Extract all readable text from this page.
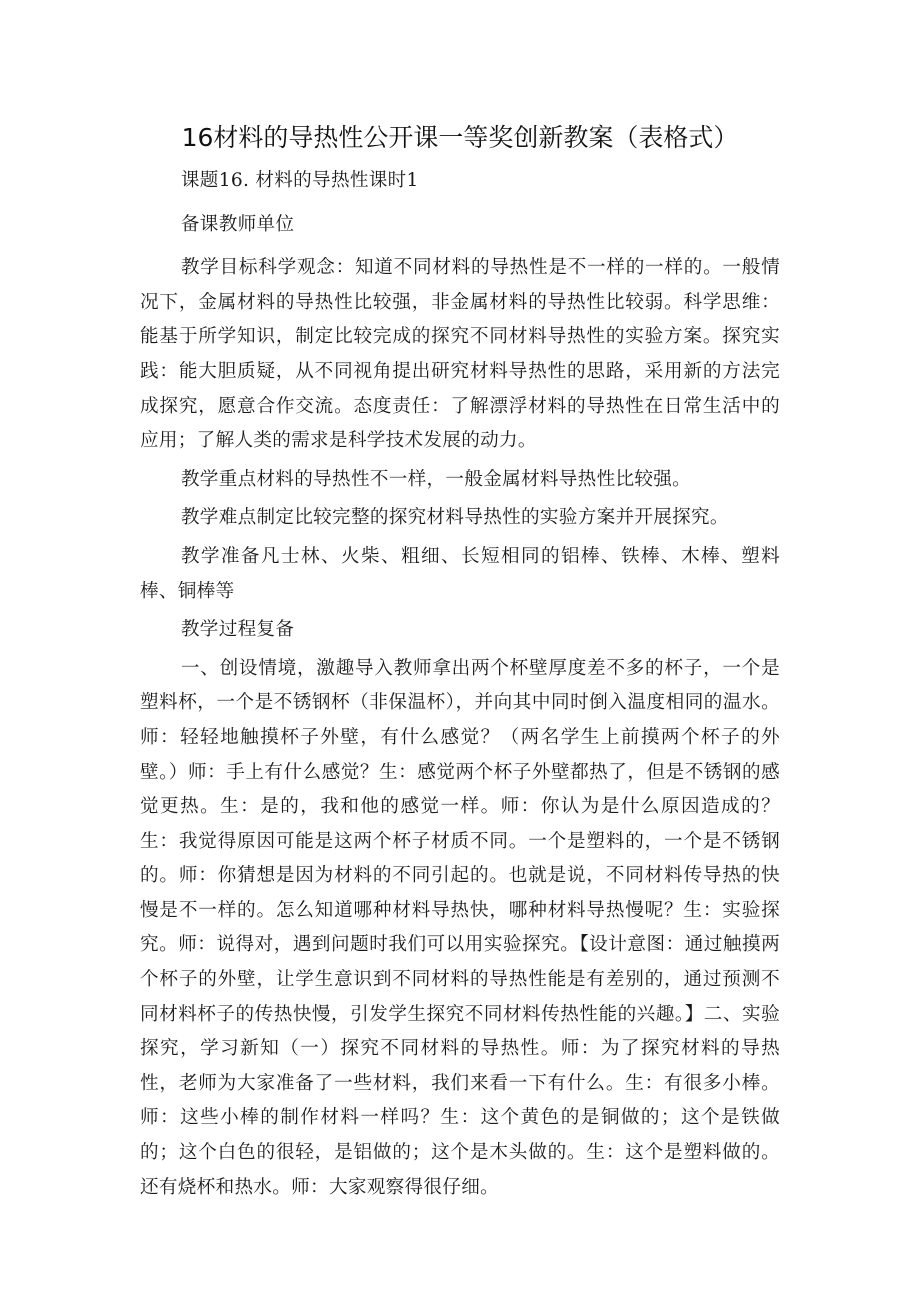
16材料的导热性公开课一等奖创新教案（表格式）

课题16. 材料的导热性课时1

备课教师单位

教学目标科学观念：知道不同材料的导热性是不一样的一样的。一般情况下，金属材料的导热性比较强，非金属材料的导热性比较弱。科学思维：能基于所学知识，制定比较完成的探究不同材料导热性的实验方案。探究实践：能大胆质疑，从不同视角提出研究材料导热性的思路，采用新的方法完成探究，愿意合作交流。态度责任：了解漂浮材料的导热性在日常生活中的应用；了解人类的需求是科学技术发展的动力。

教学重点材料的导热性不一样，一般金属材料导热性比较强。

教学难点制定比较完整的探究材料导热性的实验方案并开展探究。

教学准备凡士林、火柴、粗细、长短相同的铝棒、铁棒、木棒、塑料棒、铜棒等

教学过程复备

一、创设情境，激趣导入教师拿出两个杯壁厚度差不多的杯子，一个是塑料杯，一个是不锈钢杯（非保温杯），并向其中同时倒入温度相同的温水。师：轻轻地触摸杯子外壁，有什么感觉？（两名学生上前摸两个杯子的外壁。）师：手上有什么感觉？生：感觉两个杯子外壁都热了，但是不锈钢的感觉更热。生：是的，我和他的感觉一样。师：你认为是什么原因造成的？生：我觉得原因可能是这两个杯子材质不同。一个是塑料的，一个是不锈钢的。师：你猜想是因为材料的不同引起的。也就是说，不同材料传导热的快慢是不一样的。怎么知道哪种材料导热快，哪种材料导热慢呢？生：实验探究。师：说得对，遇到问题时我们可以用实验探究。【设计意图：通过触摸两个杯子的外壁，让学生意识到不同材料的导热性能是有差别的，通过预测不同材料杯子的传热快慢，引发学生探究不同材料传热性能的兴趣。】二、实验探究，学习新知（一）探究不同材料的导热性。师：为了探究材料的导热性，老师为大家准备了一些材料，我们来看一下有什么。生：有很多小棒。师：这些小棒的制作材料一样吗？生：这个黄色的是铜做的；这个是铁做的；这个白色的很轻，是铝做的；这个是木头做的。生：这个是塑料做的。还有烧杯和热水。师：大家观察得很仔细。
